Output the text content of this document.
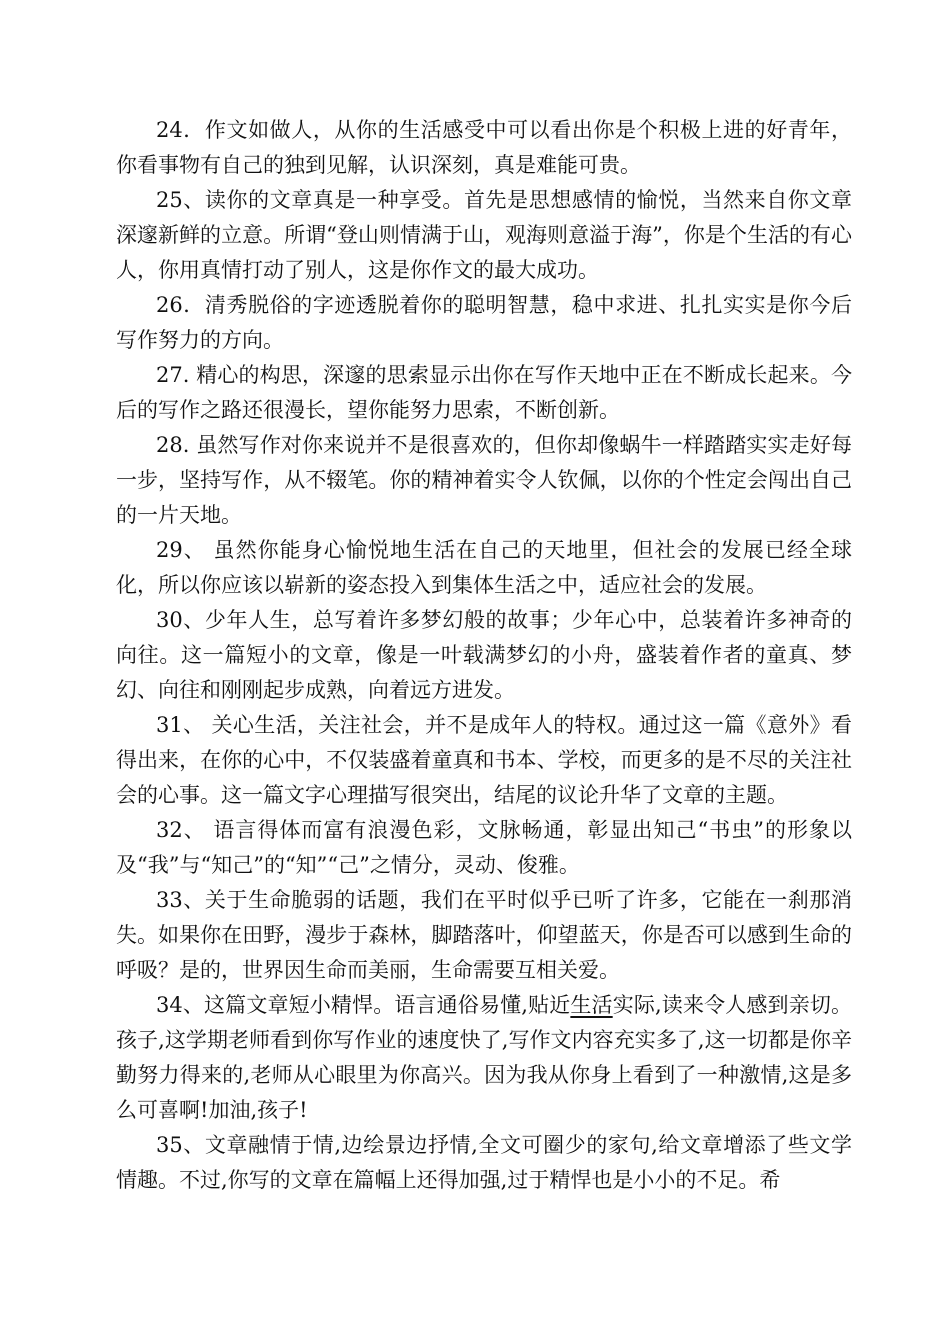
24．作文如做人，从你的生活感受中可以看出你是个积极上进的好青年，你看事物有自己的独到见解，认识深刻，真是难能可贵。

25、读你的文章真是一种享受。首先是思想感情的愉悦，当然来自你文章深邃新鲜的立意。所谓“登山则情满于山，观海则意溢于海”，你是个生活的有心人，你用真情打动了别人，这是你作文的最大成功。

26．清秀脱俗的字迹透脱着你的聪明智慧，稳中求进、扎扎实实是你今后写作努力的方向。

27. 精心的构思，深邃的思索显示出你在写作天地中正在不断成长起来。今后的写作之路还很漫长，望你能努力思索，不断创新。

28. 虽然写作对你来说并不是很喜欢的，但你却像蜗牛一样踏踏实实走好每一步，坚持写作，从不辍笔。你的精神着实令人钦佩，以你的个性定会闯出自己的一片天地。

29、 虽然你能身心愉悦地生活在自己的天地里，但社会的发展已经全球化，所以你应该以崭新的姿态投入到集体生活之中，适应社会的发展。

30、少年人生，总写着许多梦幻般的故事；少年心中，总装着许多神奇的向往。这一篇短小的文章，像是一叶载满梦幻的小舟，盛装着作者的童真、梦幻、向往和刚刚起步成熟，向着远方进发。

31、 关心生活，关注社会，并不是成年人的特权。通过这一篇《意外》看得出来，在你的心中，不仅装盛着童真和书本、学校，而更多的是不尽的关注社会的心事。这一篇文字心理描写很突出，结尾的议论升华了文章的主题。

32、 语言得体而富有浪漫色彩，文脉畅通，彰显出知己“书虫”的形象以及“我”与“知己”的“知”“己”之情分，灵动、俊雅。

33、关于生命脆弱的话题，我们在平时似乎已听了许多，它能在一刹那消失。如果你在田野，漫步于森林，脚踏落叶，仰望蓝天，你是否可以感到生命的呼吸？是的，世界因生命而美丽，生命需要互相关爱。

34、这篇文章短小精悍。语言通俗易懂,贴近生活实际,读来令人感到亲切。孩子,这学期老师看到你写作业的速度快了,写作文内容充实多了,这一切都是你辛勤努力得来的,老师从心眼里为你高兴。因为我从你身上看到了一种激情,这是多么可喜啊!加油,孩子!

35、文章融情于情,边绘景边抒情,全文可圈少的家句,给文章增添了些文学情趣。不过,你写的文章在篇幅上还得加强,过于精悍也是小小的不足。希
